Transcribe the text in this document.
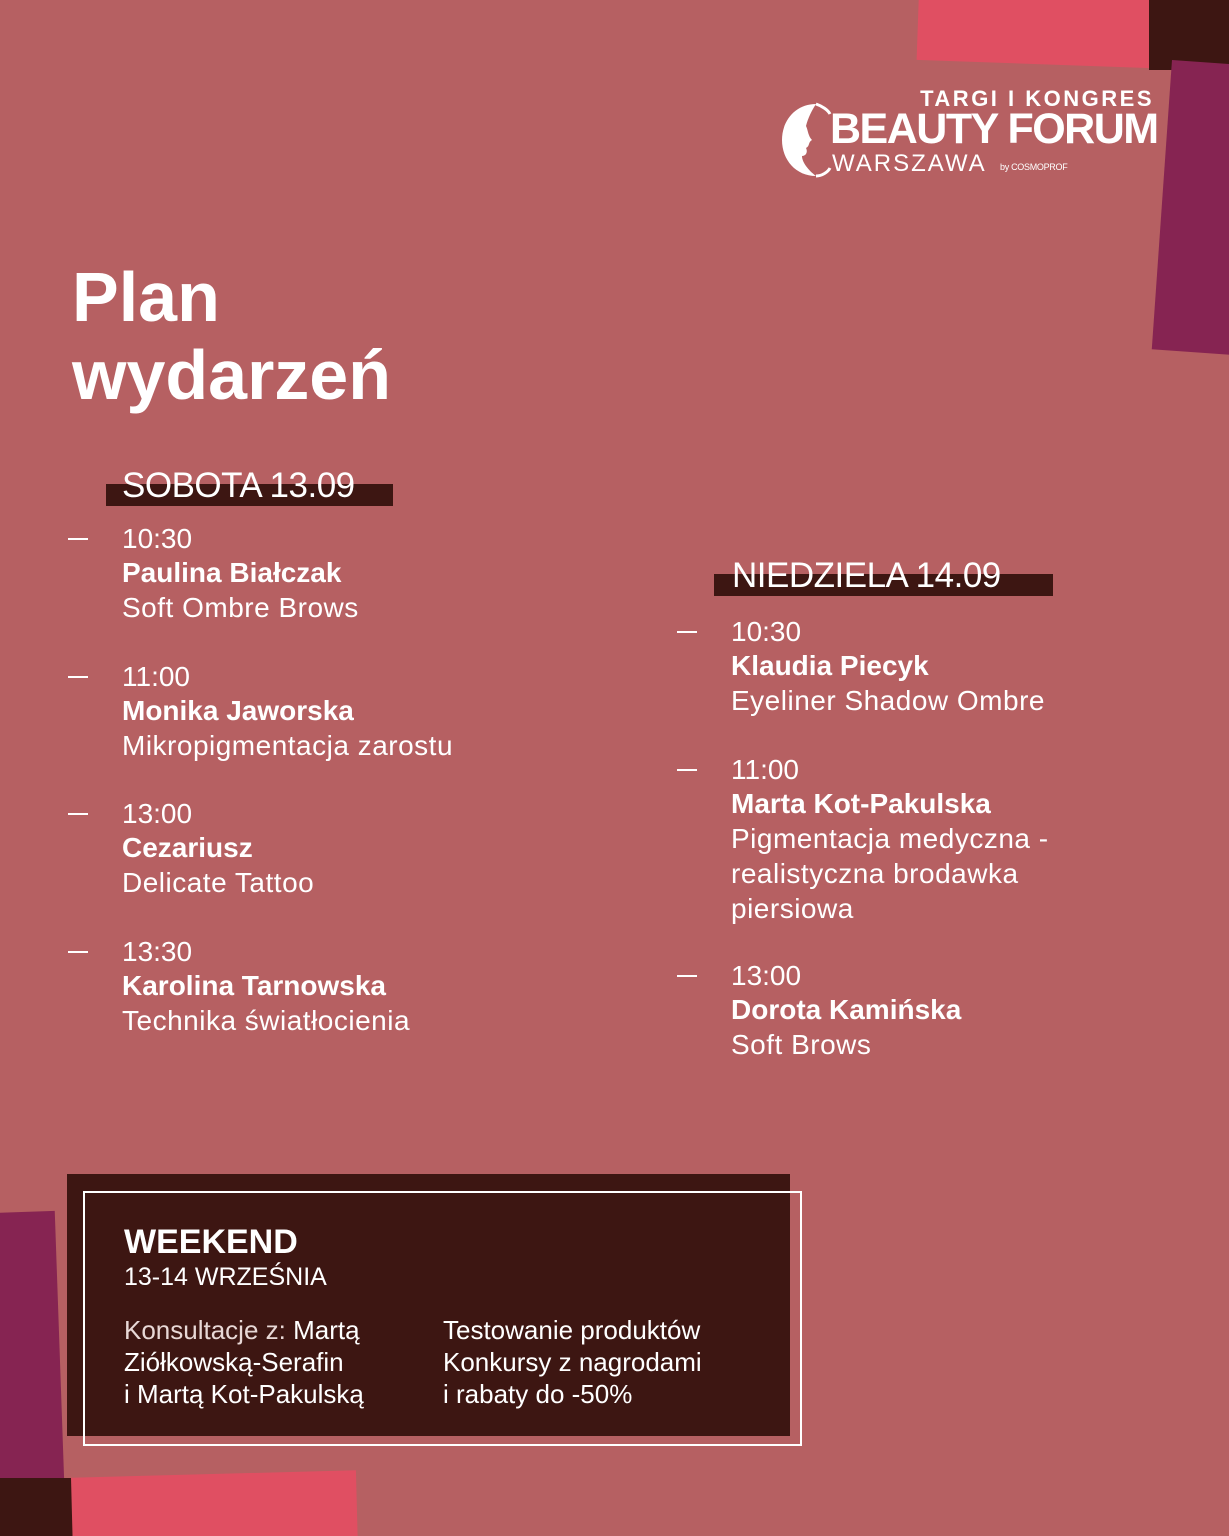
TARGI I KONGRES
BEAUTY FORUM
WARSZAWA by COSMOPROF
Plan
wydarzeń
SOBOTA 13.09
10:30
Paulina Białczak
Soft Ombre Brows
11:00
Monika Jaworska
Mikropigmentacja zarostu
13:00
Cezariusz
Delicate Tattoo
13:30
Karolina Tarnowska
Technika światłocienia
NIEDZIELA 14.09
10:30
Klaudia Piecyk
Eyeliner Shadow Ombre
11:00
Marta Kot-Pakulska
Pigmentacja medyczna -
realistyczna brodawka
piersiowa
13:00
Dorota Kamińska
Soft Brows
WEEKEND
13-14 WRZEŚNIA
Konsultacje z: Martą
Ziółkowską-Serafin
i Martą Kot-Pakulską
Testowanie produktów
Konkursy z nagrodami
i rabaty do -50%
